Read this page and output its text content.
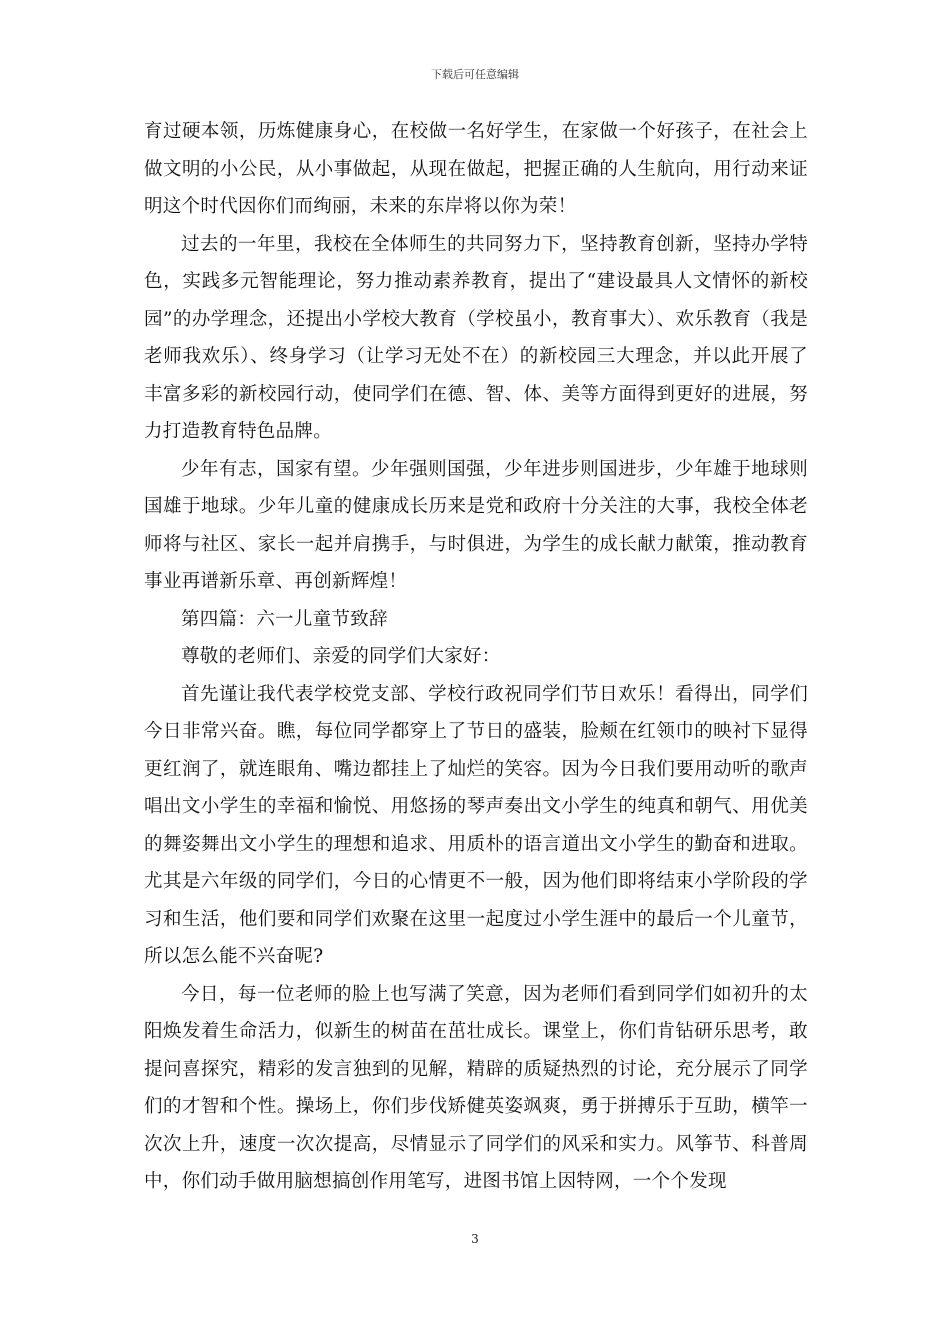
下载后可任意编辑

育过硬本领，历炼健康身心，在校做一名好学生，在家做一个好孩子，在社会上做文明的小公民，从小事做起，从现在做起，把握正确的人生航向，用行动来证明这个时代因你们而绚丽，未来的东岸将以你为荣！

过去的一年里，我校在全体师生的共同努力下，坚持教育创新，坚持办学特色，实践多元智能理论，努力推动素养教育，提出了“建设最具人文情怀的新校园”的办学理念，还提出小学校大教育（学校虽小，教育事大）、欢乐教育（我是老师我欢乐）、终身学习（让学习无处不在）的新校园三大理念，并以此开展了丰富多彩的新校园行动，使同学们在德、智、体、美等方面得到更好的进展，努力打造教育特色品牌。

少年有志，国家有望。少年强则国强，少年进步则国进步，少年雄于地球则国雄于地球。少年儿童的健康成长历来是党和政府十分关注的大事，我校全体老师将与社区、家长一起并肩携手，与时俱进，为学生的成长献力献策，推动教育事业再谱新乐章、再创新辉煌！

第四篇：六一儿童节致辞

尊敬的老师们、亲爱的同学们大家好：

首先谨让我代表学校党支部、学校行政祝同学们节日欢乐！看得出，同学们今日非常兴奋。瞧，每位同学都穿上了节日的盛装，脸颊在红领巾的映衬下显得更红润了，就连眼角、嘴边都挂上了灿烂的笑容。因为今日我们要用动听的歌声唱出文小学生的幸福和愉悦、用悠扬的琴声奏出文小学生的纯真和朝气、用优美的舞姿舞出文小学生的理想和追求、用质朴的语言道出文小学生的勤奋和进取。尤其是六年级的同学们，今日的心情更不一般，因为他们即将结束小学阶段的学习和生活，他们要和同学们欢聚在这里一起度过小学生涯中的最后一个儿童节，所以怎么能不兴奋呢?

今日，每一位老师的脸上也写满了笑意，因为老师们看到同学们如初升的太阳焕发着生命活力，似新生的树苗在茁壮成长。课堂上，你们肯钻研乐思考，敢提问喜探究，精彩的发言独到的见解，精辟的质疑热烈的讨论，充分展示了同学们的才智和个性。操场上，你们步伐矫健英姿飒爽，勇于拼搏乐于互助，横竿一次次上升，速度一次次提高，尽情显示了同学们的风采和实力。风筝节、科普周中，你们动手做用脑想搞创作用笔写，进图书馆上因特网，一个个发现

3
